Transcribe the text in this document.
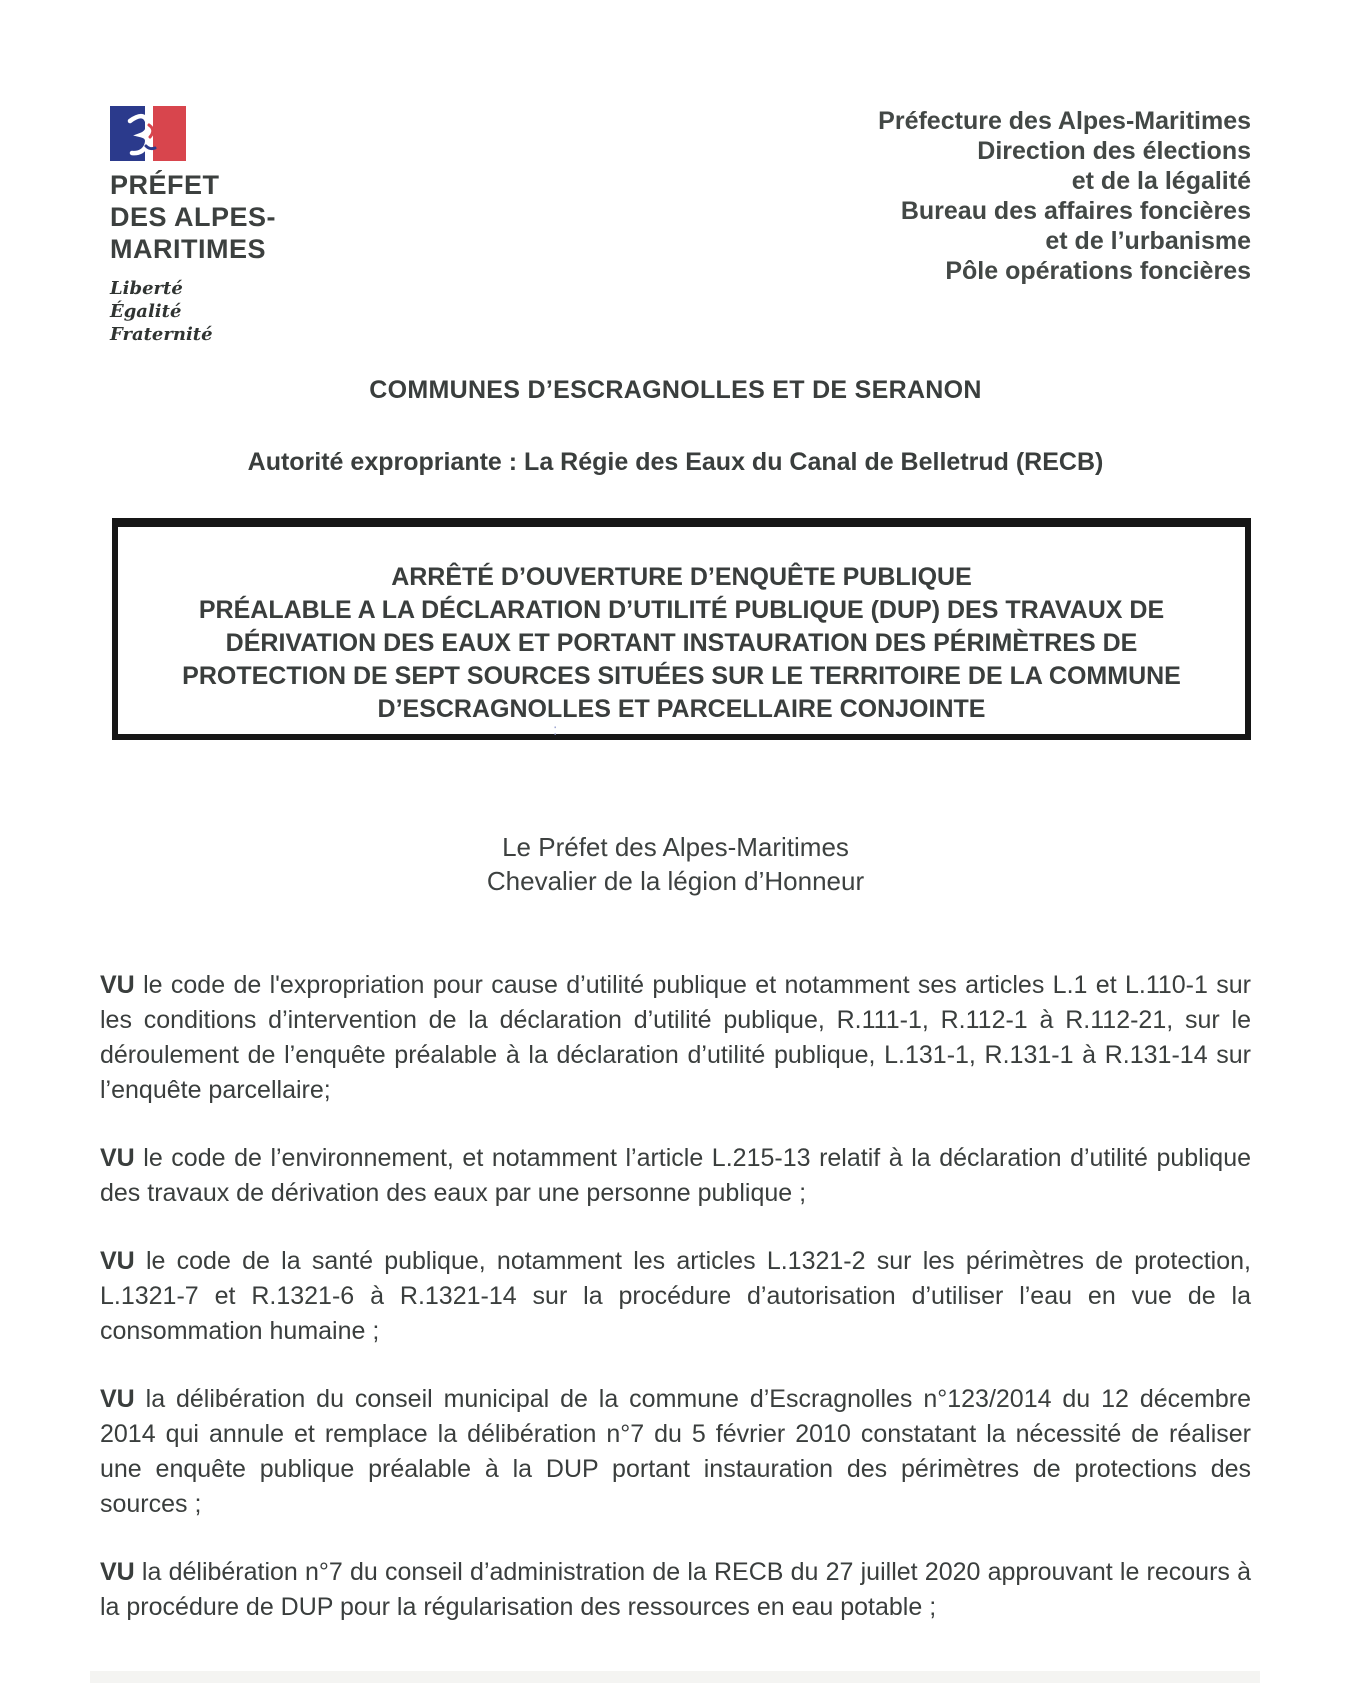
PRÉFET
DES ALPES-
MARITIMES
Liberté
Égalité
Fraternité
Préfecture des Alpes-Maritimes
Direction des élections
et de la légalité
Bureau des affaires foncières
et de l’urbanisme
Pôle opérations foncières
COMMUNES D’ESCRAGNOLLES ET DE SERANON
Autorité expropriante : La Régie des Eaux du Canal de Belletrud (RECB)
ARRÊTÉ D’OUVERTURE D’ENQUÊTE PUBLIQUE
PRÉALABLE A LA DÉCLARATION D’UTILITÉ PUBLIQUE (DUP) DES TRAVAUX DE
DÉRIVATION DES EAUX ET PORTANT INSTAURATION DES PÉRIMÈTRES DE
PROTECTION DE SEPT SOURCES SITUÉES SUR LE TERRITOIRE DE LA COMMUNE
D’ESCRAGNOLLES ET PARCELLAIRE CONJOINTE
:
Le Préfet des Alpes-Maritimes
Chevalier de la légion d’Honneur

VU le code de l'expropriation pour cause d’utilité publique et notamment ses articles L.1 et L.110-1 sur les conditions d’intervention de la déclaration d’utilité publique, R.111-1, R.112-1 à R.112-21, sur le déroulement de l’enquête préalable à la déclaration d’utilité publique, L.131-1, R.131-1 à R.131-14 sur l’enquête parcellaire;

VU le code de l’environnement, et notamment l’article L.215-13 relatif à la déclaration d’utilité publique des travaux de dérivation des eaux par une personne publique ;

VU le code de la santé publique, notamment les articles L.1321-2 sur les périmètres de protection, L.1321-7 et R.1321-6 à R.1321-14 sur la procédure d’autorisation d’utiliser l’eau en vue de la consommation humaine ;

VU la délibération du conseil municipal de la commune d’Escragnolles n°123/2014 du 12 décembre 2014 qui annule et remplace la délibération n°7 du 5 février 2010 constatant la nécessité de réaliser une enquête publique préalable à la DUP portant instauration des périmètres de protections des sources ;

VU la délibération n°7 du conseil d’administration de la RECB du 27 juillet 2020 approuvant le recours à la procédure de DUP pour la régularisation des ressources en eau potable ;
